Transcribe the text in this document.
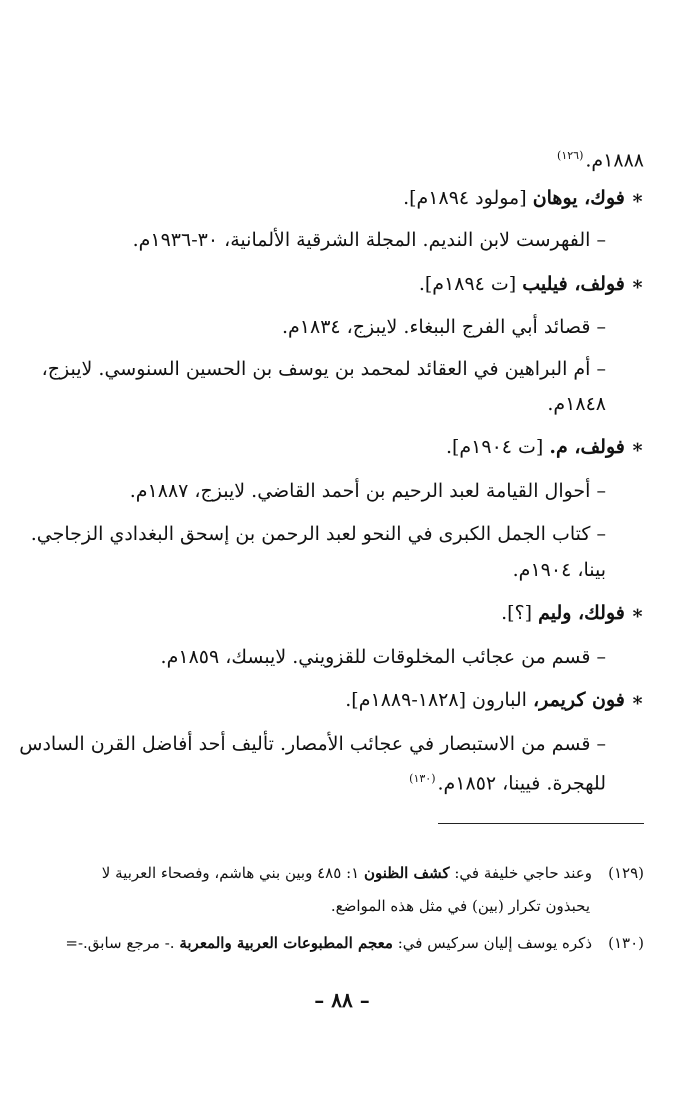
١٨٨٨م.$^{(١٢٦)}$
∗فوك، يوهان [مولود ١٨٩٤م].
– الفهرست لابن النديم. المجلة الشرقية الألمانية، ٣٠-١٩٣٦م.
∗فولف، فيليب [ت ١٨٩٤م].
– قصائد أبي الفرج الببغاء. لايبزج، ١٨٣٤م.
– أم البراهين في العقائد لمحمد بن يوسف بن الحسين السنوسي. لايبزج،
١٨٤٨م.
∗فولف، م. [ت ١٩٠٤م].
– أحوال القيامة لعبد الرحيم بن أحمد القاضي. لايبزج، ١٨٨٧م.
– كتاب الجمل الكبرى في النحو لعبد الرحمن بن إسحق البغدادي الزجاجي.
بينا، ١٩٠٤م.
∗فولك، وليم [؟].
– قسم من عجائب المخلوقات للقزويني. لايبسك، ١٨٥٩م.
∗فون كريمر، البارون [١٨٢٨-١٨٨٩م].
– قسم من الاستبصار في عجائب الأمصار. تأليف أحد أفاضل القرن السادس
للهجرة. فيينا، ١٨٥٢م.$^{(١٣٠)}$
(١٢٩)وعند حاجي خليفة في: كشف الظنون ١: ٤٨٥ وبين بني هاشم، وفصحاء العربية لا
يحبذون تكرار (بين) في مثل هذه المواضع.
(١٣٠)ذكره يوسف إليان سركيس في: معجم المطبوعات العربية والمعربة .- مرجع سابق.-=
– ٨٨ –
